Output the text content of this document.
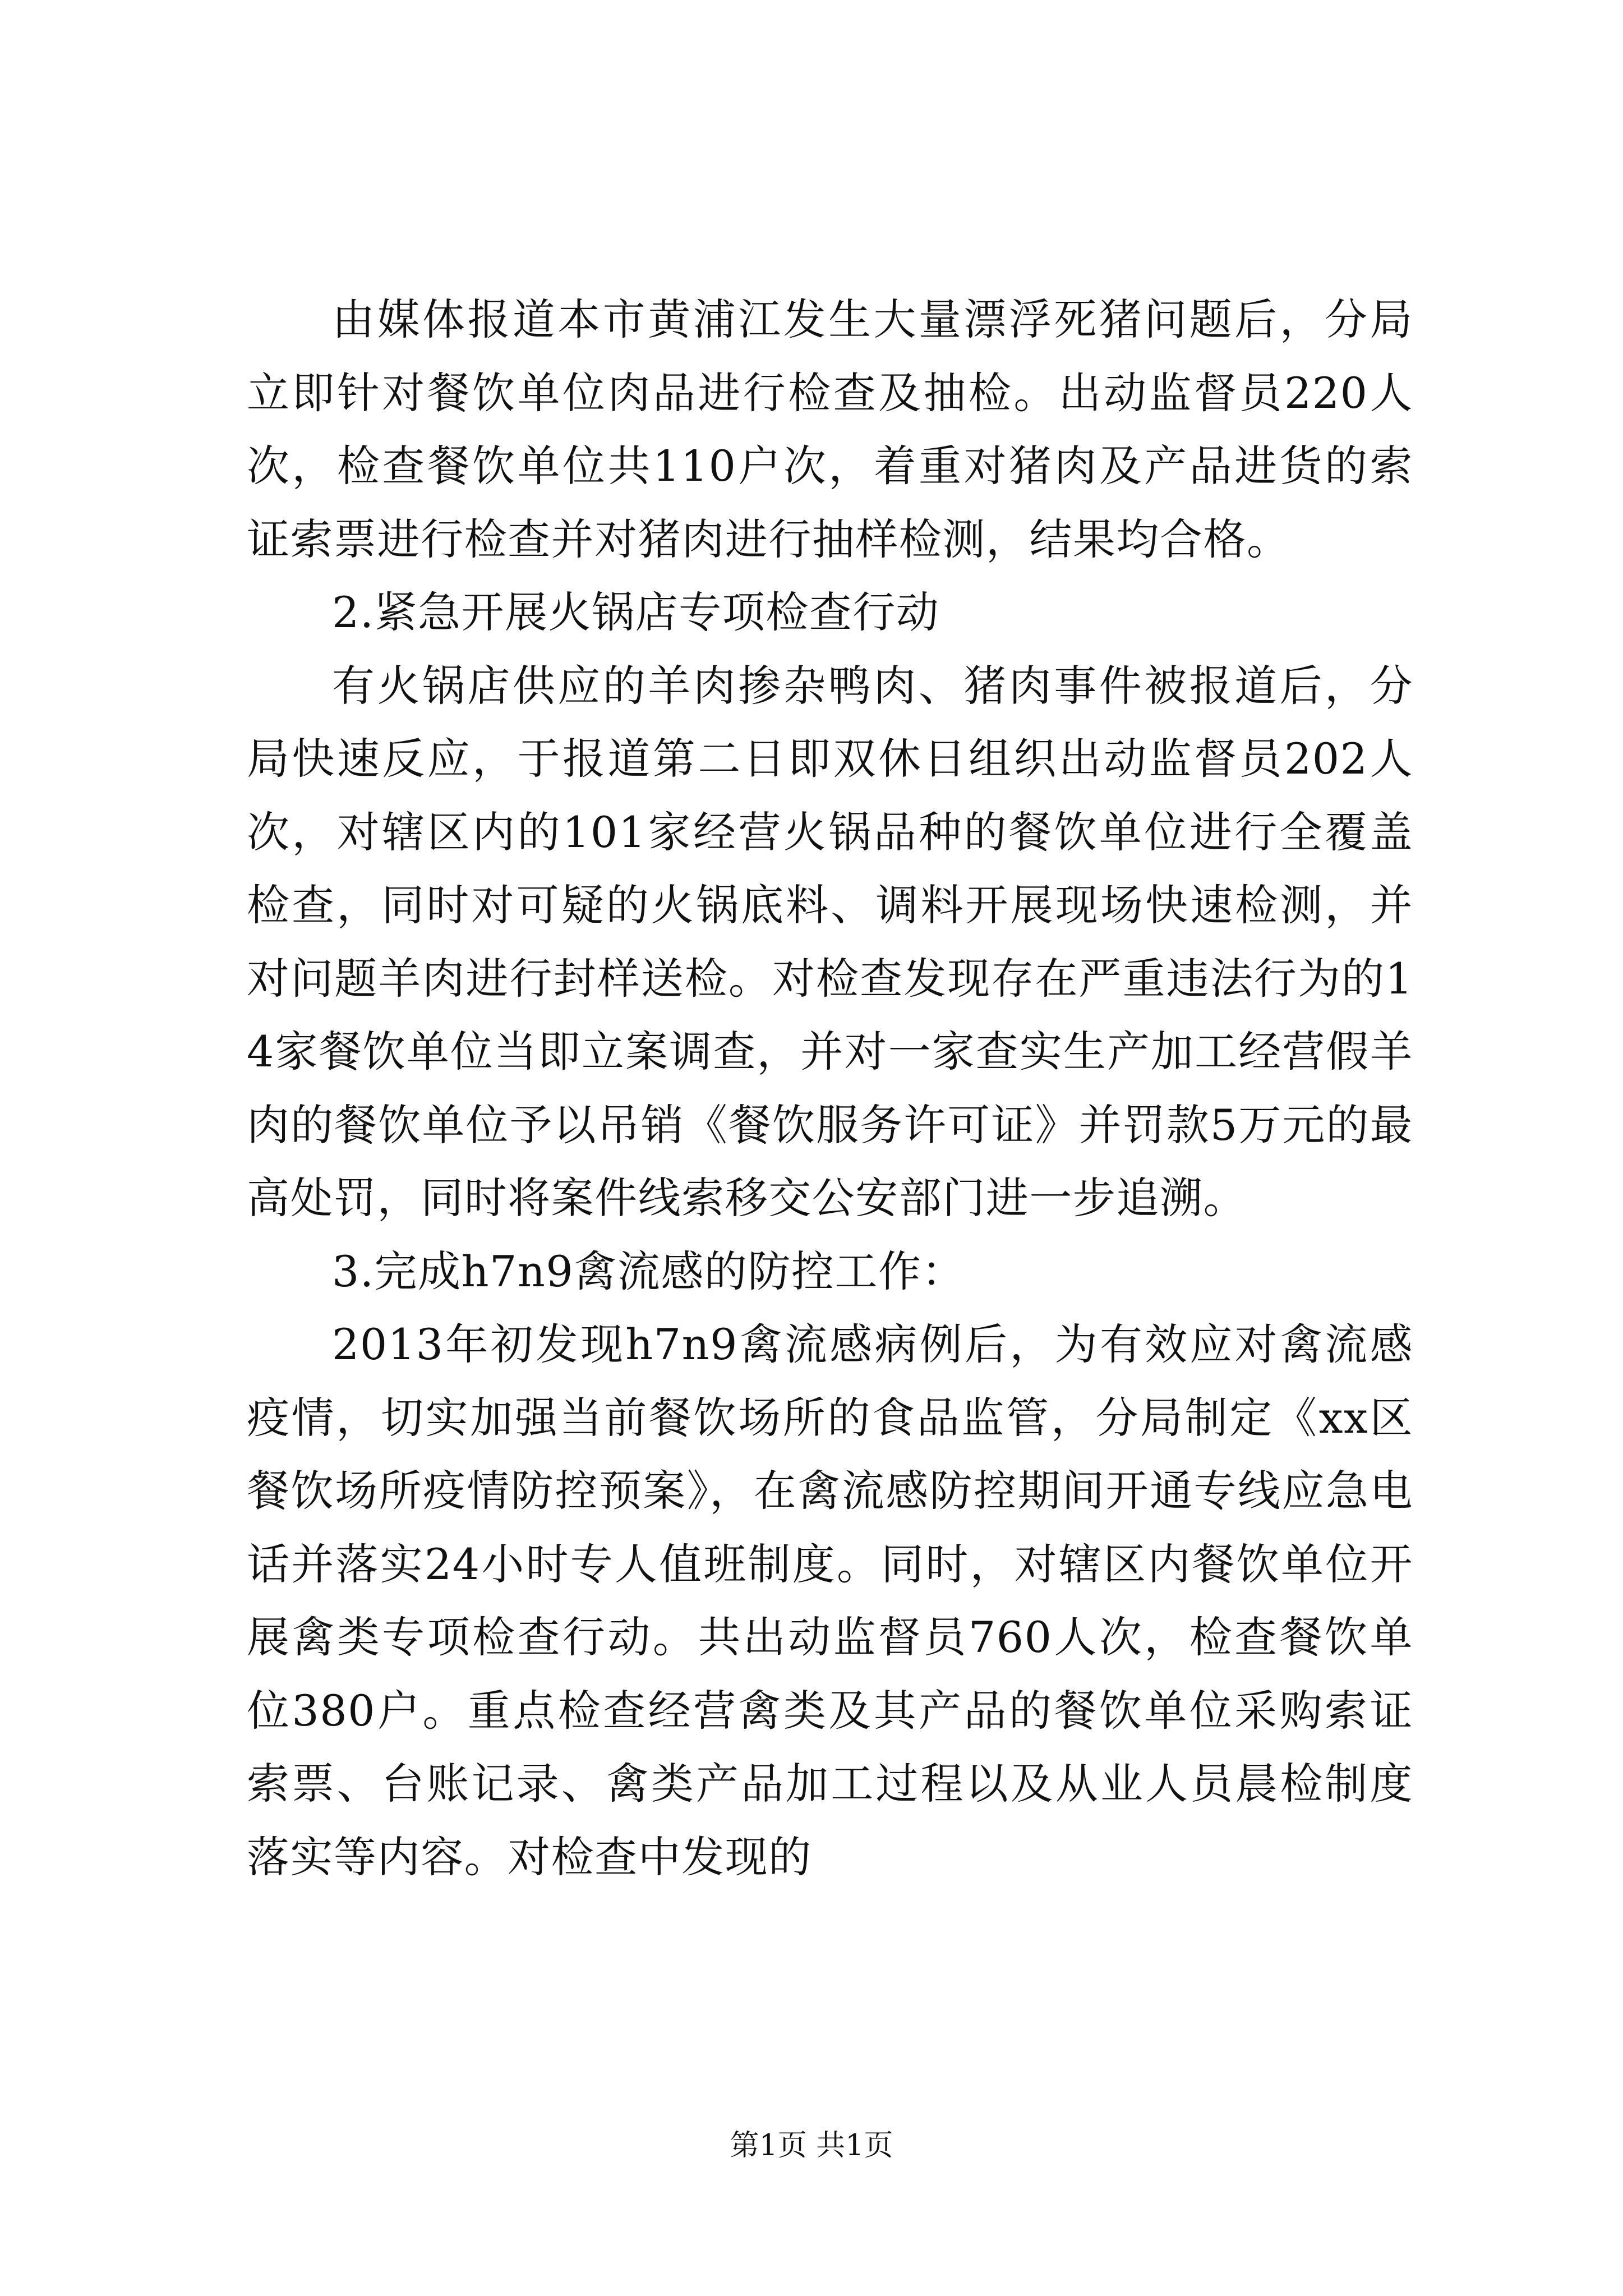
由媒体报道本市黄浦江发生大量漂浮死猪问题后，分局立即针对餐饮单位肉品进行检查及抽检。出动监督员220人次，检查餐饮单位共110户次，着重对猪肉及产品进货的索证索票进行检查并对猪肉进行抽样检测，结果均合格。

2.紧急开展火锅店专项检查行动

有火锅店供应的羊肉掺杂鸭肉、猪肉事件被报道后，分局快速反应，于报道第二日即双休日组织出动监督员202人次，对辖区内的101家经营火锅品种的餐饮单位进行全覆盖检查，同时对可疑的火锅底料、调料开展现场快速检测，并对问题羊肉进行封样送检。对检查发现存在严重违法行为的14家餐饮单位当即立案调查，并对一家查实生产加工经营假羊肉的餐饮单位予以吊销《餐饮服务许可证》并罚款5万元的最高处罚，同时将案件线索移交公安部门进一步追溯。

3.完成h7n9禽流感的防控工作：

2013年初发现h7n9禽流感病例后，为有效应对禽流感疫情，切实加强当前餐饮场所的食品监管，分局制定《xx区餐饮场所疫情防控预案》，在禽流感防控期间开通专线应急电话并落实24小时专人值班制度。同时，对辖区内餐饮单位开展禽类专项检查行动。共出动监督员760人次，检查餐饮单位380户。重点检查经营禽类及其产品的餐饮单位采购索证索票、台账记录、禽类产品加工过程以及从业人员晨检制度落实等内容。对检查中发现的

第1页 共1页
